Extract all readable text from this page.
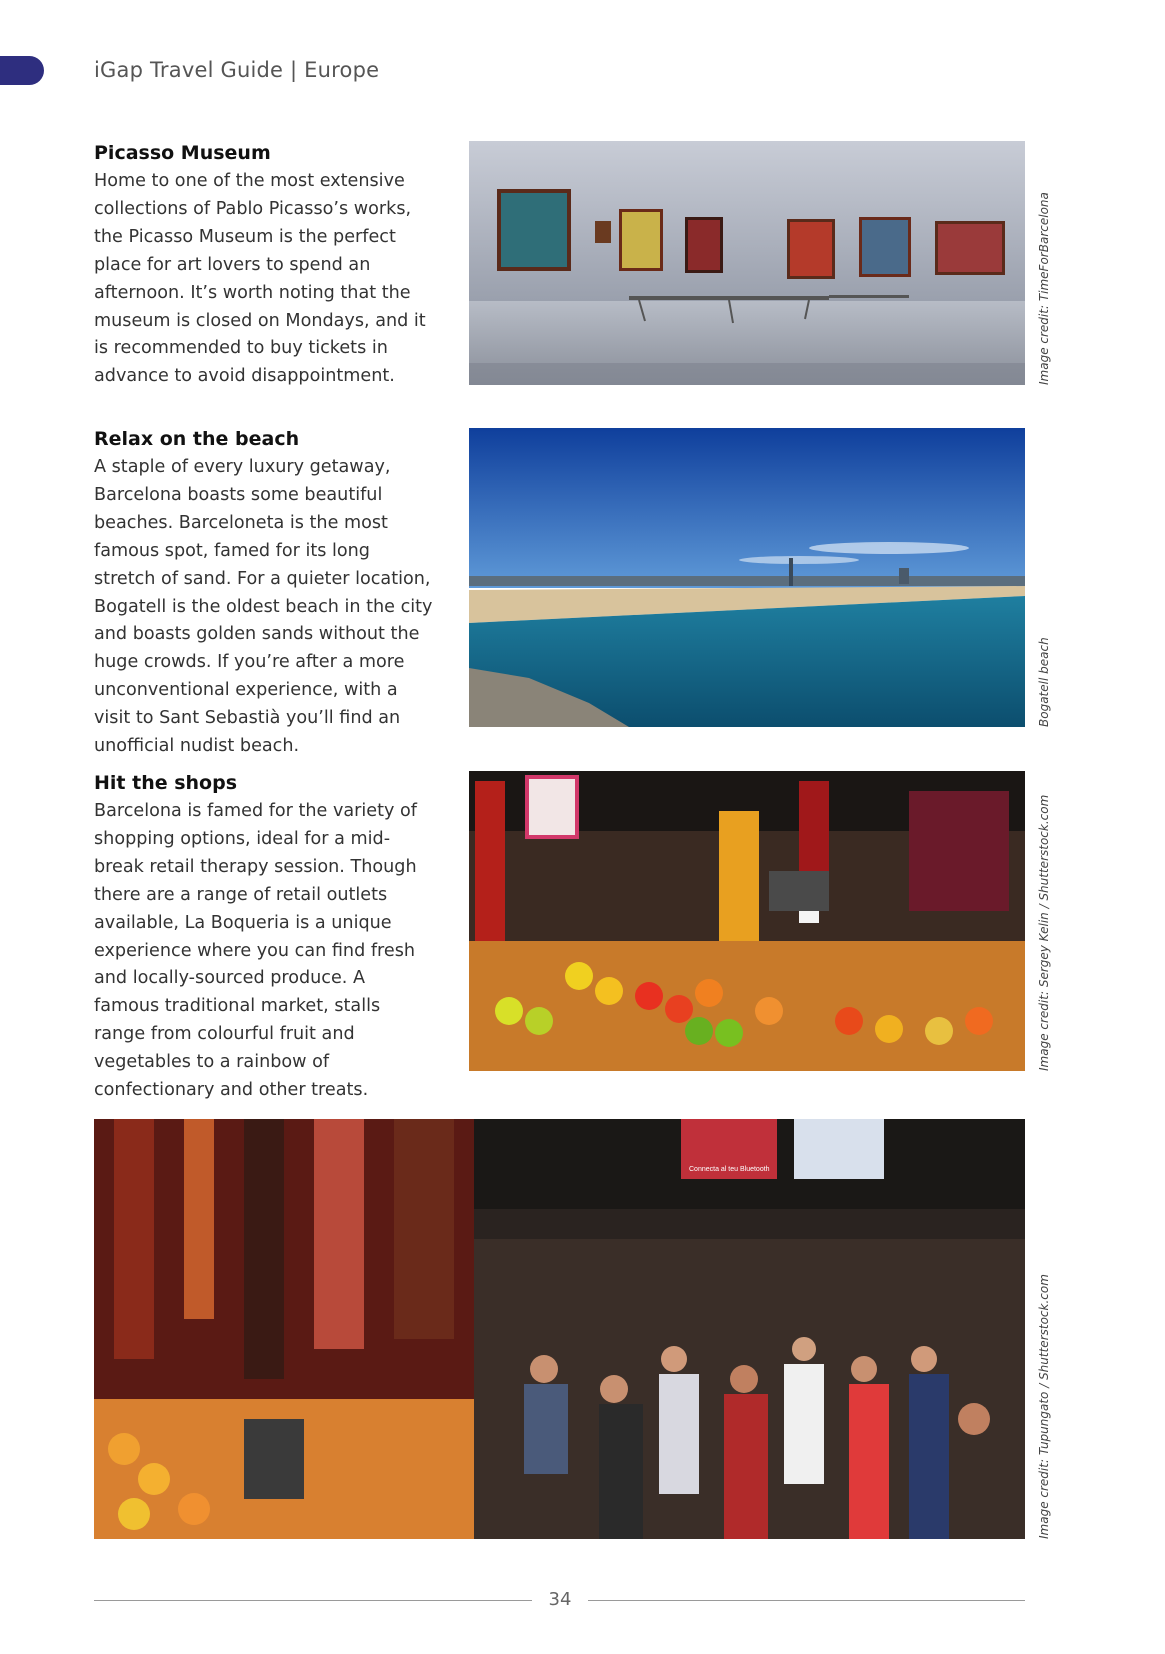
iGap Travel Guide | Europe
Picasso Museum

Home to one of the most extensive collections of Pablo Picasso’s works, the Picasso Museum is the perfect place for art lovers to spend an afternoon. It’s worth noting that the museum is closed on Mondays, and it is recommended to buy tickets in advance to avoid disappointment.	Image credit: TimeForBarcelona
Relax on the beach

A staple of every luxury getaway, Barcelona boasts some beautiful beaches. Barceloneta is the most famous spot, famed for its long stretch of sand. For a quieter location, Bogatell is the oldest beach in the city and boasts golden sands without the huge crowds. If you’re after a more unconventional experience, with a visit to Sant Sebastià you’ll find an unofficial nudist beach.

Bogatell beach
Hit the shops

Barcelona is famed for the variety of shopping options, ideal for a mid-break retail therapy session. Though there are a range of retail outlets available, La Boqueria is a unique experience where you can find fresh and locally-sourced produce. A famous traditional market, stalls range from colourful fruit and vegetables to a rainbow of confectionary and other treats.

Image credit: Sergey Kelin / Shutterstock.com
Connecta al teu Bluetooth
Image credit: Tupungato / Shutterstock.com
34
